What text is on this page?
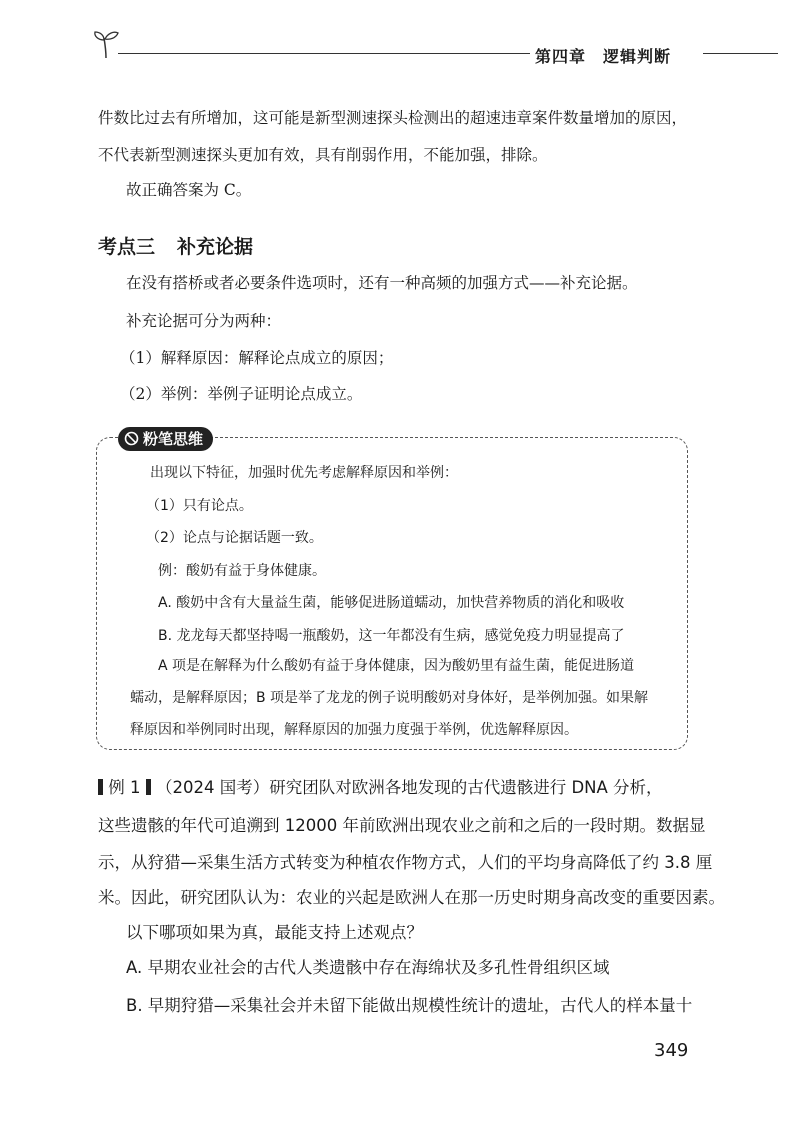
第四章　逻辑判断
件数比过去有所增加，这可能是新型测速探头检测出的超速违章案件数量增加的原因，
不代表新型测速探头更加有效，具有削弱作用，不能加强，排除。
故正确答案为 C。
考点三 补充论据
在没有搭桥或者必要条件选项时，还有一种高频的加强方式——补充论据。
补充论据可分为两种：
（1）解释原因：解释论点成立的原因；
（2）举例：举例子证明论点成立。
粉笔思维
出现以下特征，加强时优先考虑解释原因和举例：
（1）只有论点。
（2）论点与论据话题一致。
例：酸奶有益于身体健康。
A. 酸奶中含有大量益生菌，能够促进肠道蠕动，加快营养物质的消化和吸收
B. 龙龙每天都坚持喝一瓶酸奶，这一年都没有生病，感觉免疫力明显提高了
A 项是在解释为什么酸奶有益于身体健康，因为酸奶里有益生菌，能促进肠道
蠕动，是解释原因；B 项是举了龙龙的例子说明酸奶对身体好，是举例加强。如果解
释原因和举例同时出现，解释原因的加强力度强于举例，优选解释原因。
例 1 （2024 国考）研究团队对欧洲各地发现的古代遗骸进行 DNA 分析，
这些遗骸的年代可追溯到 12000 年前欧洲出现农业之前和之后的一段时期。数据显
示，从狩猎—采集生活方式转变为种植农作物方式，人们的平均身高降低了约 3.8 厘
米。因此，研究团队认为：农业的兴起是欧洲人在那一历史时期身高改变的重要因素。
以下哪项如果为真，最能支持上述观点？
A. 早期农业社会的古代人类遗骸中存在海绵状及多孔性骨组织区域
B. 早期狩猎—采集社会并未留下能做出规模性统计的遗址，古代人的样本量十
349
